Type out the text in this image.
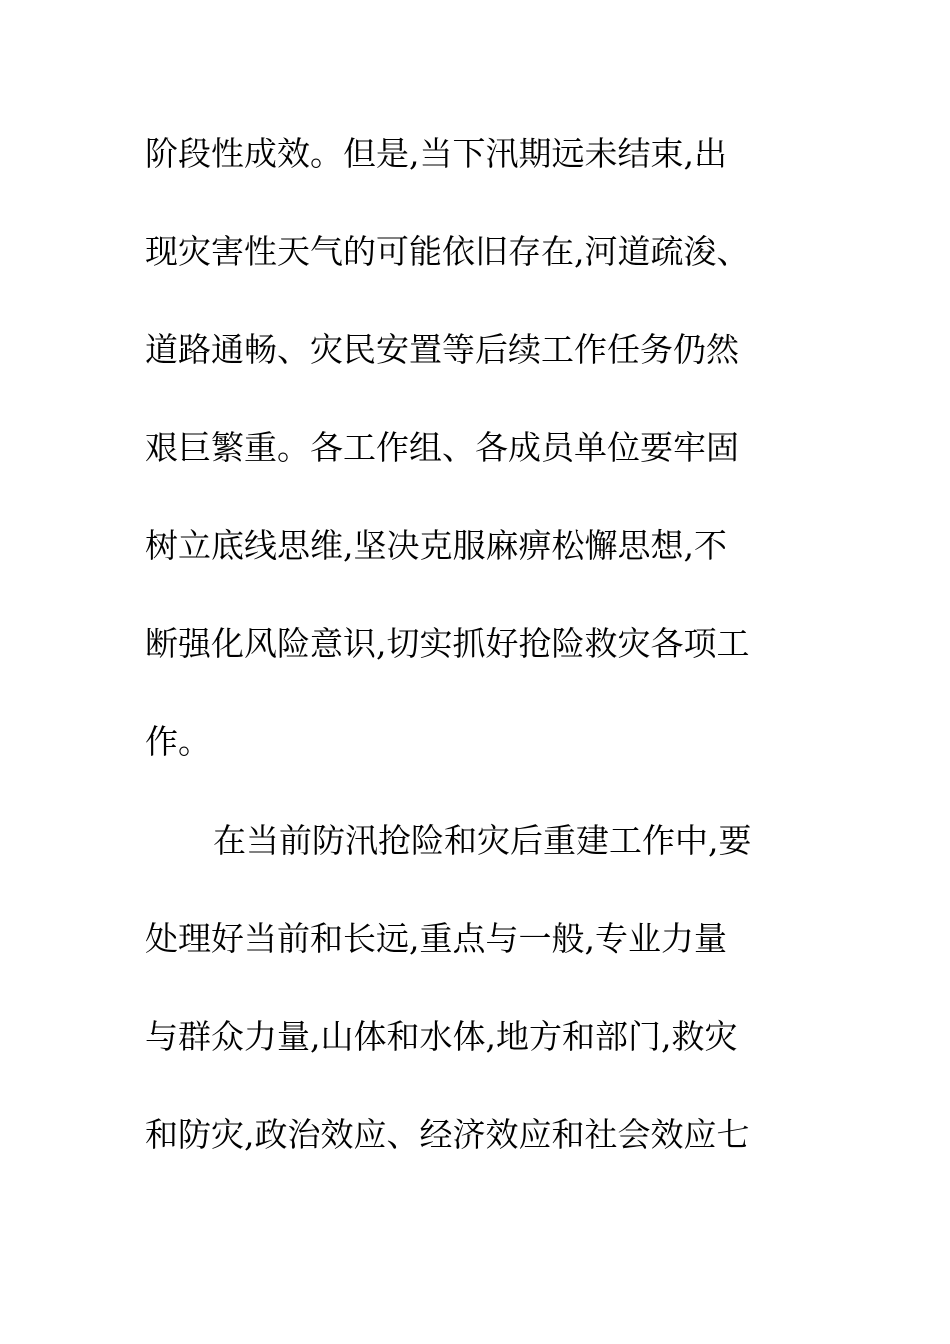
阶段性成效。但是,当下汛期远未结束,出
现灾害性天气的可能依旧存在,河道疏浚、
道路通畅、灾民安置等后续工作任务仍然
艰巨繁重。各工作组、各成员单位要牢固
树立底线思维,坚决克服麻痹松懈思想,不
断强化风险意识,切实抓好抢险救灾各项工
作。
在当前防汛抢险和灾后重建工作中,要
处理好当前和长远,重点与一般,专业力量
与群众力量,山体和水体,地方和部门,救灾
和防灾,政治效应、经济效应和社会效应七
